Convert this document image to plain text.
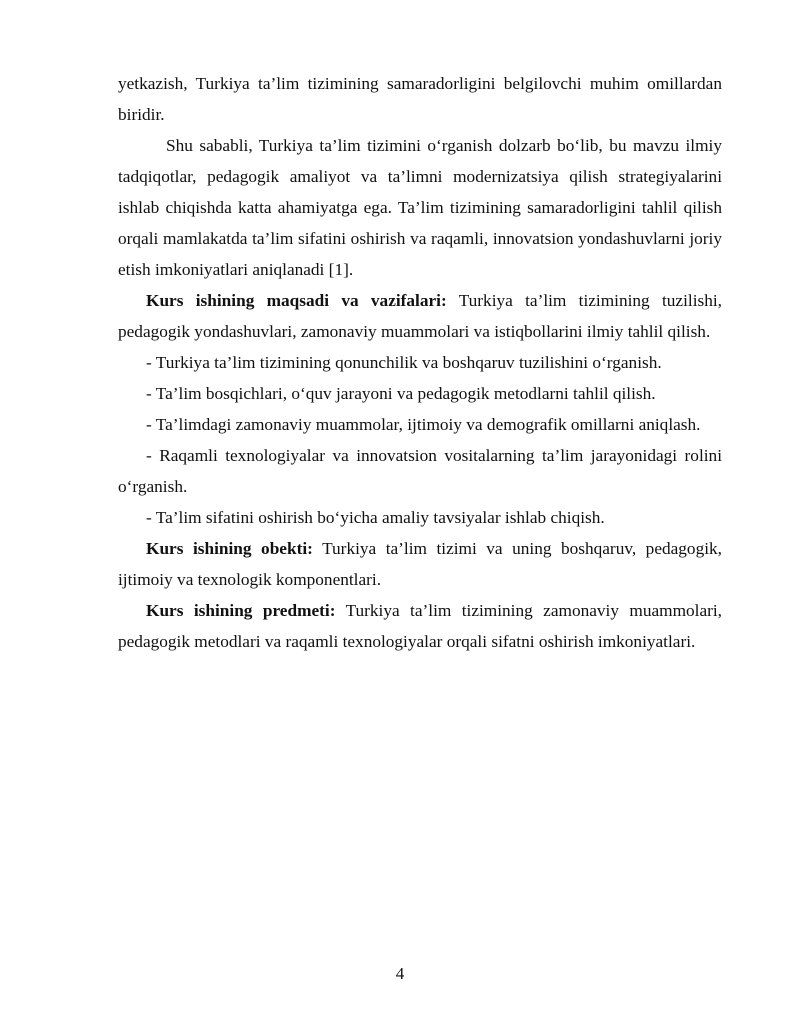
yetkazish, Turkiya ta’lim tizimining samaradorligini belgilovchi muhim omillardan biridir.

Shu sababli, Turkiya ta’lim tizimini o‘rganish dolzarb bo‘lib, bu mavzu ilmiy tadqiqotlar, pedagogik amaliyot va ta’limni modernizatsiya qilish strategiyalarini ishlab chiqishda katta ahamiyatga ega. Ta’lim tizimining samaradorligini tahlil qilish orqali mamlakatda ta’lim sifatini oshirish va raqamli, innovatsion yondashuvlarni joriy etish imkoniyatlari aniqlanadi [1].

Kurs ishining maqsadi va vazifalari: Turkiya ta’lim tizimining tuzilishi, pedagogik yondashuvlari, zamonaviy muammolari va istiqbollarini ilmiy tahlil qilish.

- Turkiya ta’lim tizimining qonunchilik va boshqaruv tuzilishini o‘rganish.

- Ta’lim bosqichlari, o‘quv jarayoni va pedagogik metodlarni tahlil qilish.

- Ta’limdagi zamonaviy muammolar, ijtimoiy va demografik omillarni aniqlash.

- Raqamli texnologiyalar va innovatsion vositalarning ta’lim jarayonidagi rolini o‘rganish.

- Ta’lim sifatini oshirish bo‘yicha amaliy tavsiyalar ishlab chiqish.

Kurs ishining obekti: Turkiya ta’lim tizimi va uning boshqaruv, pedagogik, ijtimoiy va texnologik komponentlari.

Kurs ishining predmeti: Turkiya ta’lim tizimining zamonaviy muammolari, pedagogik metodlari va raqamli texnologiyalar orqali sifatni oshirish imkoniyatlari.

4
